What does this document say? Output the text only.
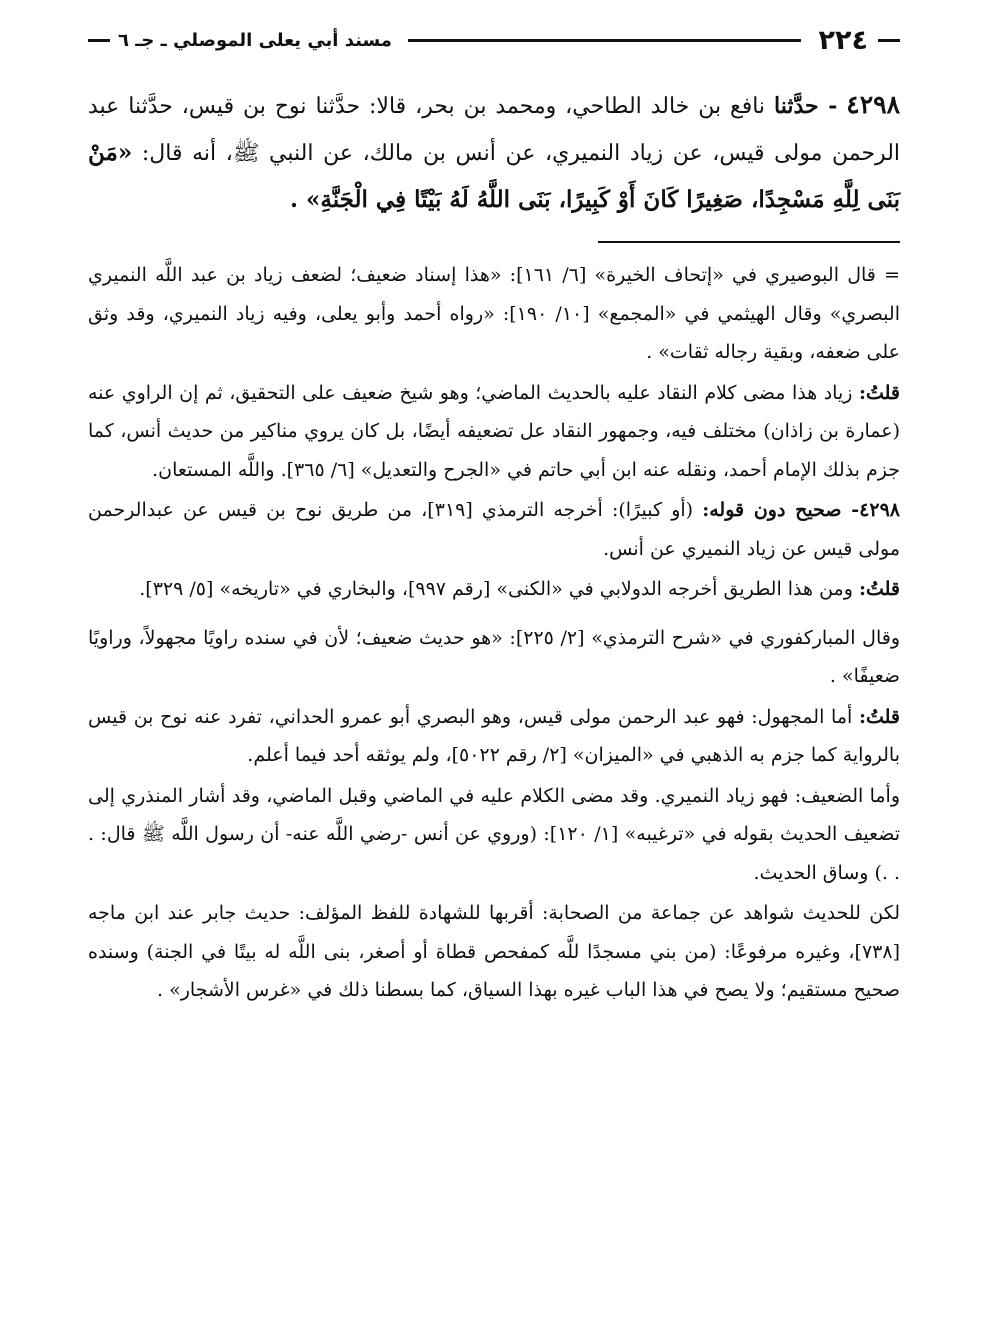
٢٢٤
مسند أبي يعلى الموصلي ـ جـ ٦
٤٢٩٨ - حدَّثنا نافع بن خالد الطاحي، ومحمد بن بحر، قالا: حدَّثنا نوح بن قيس، حدَّثنا عبد الرحمن مولى قيس، عن زياد النميري، عن أنس بن مالك، عن النبي ﷺ، أنه قال: «مَنْ بَنَى لِلَّهِ مَسْجِدًا، صَغِيرًا كَانَ أَوْ كَبِيرًا، بَنَى اللَّهُ لَهُ بَيْتًا فِي الْجَنَّةِ» .

= قال البوصيري في «إتحاف الخيرة» [٦/ ١٦١]: «هذا إسناد ضعيف؛ لضعف زياد بن عبد اللَّه النميري البصري» وقال الهيثمي في «المجمع» [١٠/ ١٩٠]: «رواه أحمد وأبو يعلى، وفيه زياد النميري، وقد وثق على ضعفه، وبقية رجاله ثقات» .

قلتُ: زياد هذا مضى كلام النقاد عليه بالحديث الماضي؛ وهو شيخ ضعيف على التحقيق، ثم إن الراوي عنه (عمارة بن زاذان) مختلف فيه، وجمهور النقاد عل تضعيفه أيضًا، بل كان يروي مناكير من حديث أنس، كما جزم بذلك الإمام أحمد، ونقله عنه ابن أبي حاتم في «الجرح والتعديل» [٦/ ٣٦٥]. واللَّه المستعان.

٤٢٩٨- صحيح دون قوله: (أو كبيرًا): أخرجه الترمذي [٣١٩]، من طريق نوح بن قيس عن عبدالرحمن مولى قيس عن زياد النميري عن أنس.

قلتُ: ومن هذا الطريق أخرجه الدولابي في «الكنى» [رقم ٩٩٧]، والبخاري في «تاريخه» [٥/ ٣٢٩].

وقال المباركفوري في «شرح الترمذي» [٢/ ٢٢٥]: «هو حديث ضعيف؛ لأن في سنده راويًا مجهولاً، وراويًا ضعيفًا» .

قلتُ: أما المجهول: فهو عبد الرحمن مولى قيس، وهو البصري أبو عمرو الحداني، تفرد عنه نوح بن قيس بالرواية كما جزم به الذهبي في «الميزان» [٢/ رقم ٥٠٢٢]، ولم يوثقه أحد فيما أعلم.

وأما الضعيف: فهو زياد النميري. وقد مضى الكلام عليه في الماضي وقبل الماضي، وقد أشار المنذري إلى تضعيف الحديث بقوله في «ترغيبه» [١/ ١٢٠]: (وروي عن أنس -رضي اللَّه عنه- أن رسول اللَّه ﷺ قال: . . .) وساق الحديث.

لكن للحديث شواهد عن جماعة من الصحابة: أقربها للشهادة للفظ المؤلف: حديث جابر عند ابن ماجه [٧٣٨]، وغيره مرفوعًا: (من بني مسجدًا للَّه كمفحص قطاة أو أصغر، بنى اللَّه له بيتًا في الجنة) وسنده صحيح مستقيم؛ ولا يصح في هذا الباب غيره بهذا السياق، كما بسطنا ذلك في «غرس الأشجار» .
